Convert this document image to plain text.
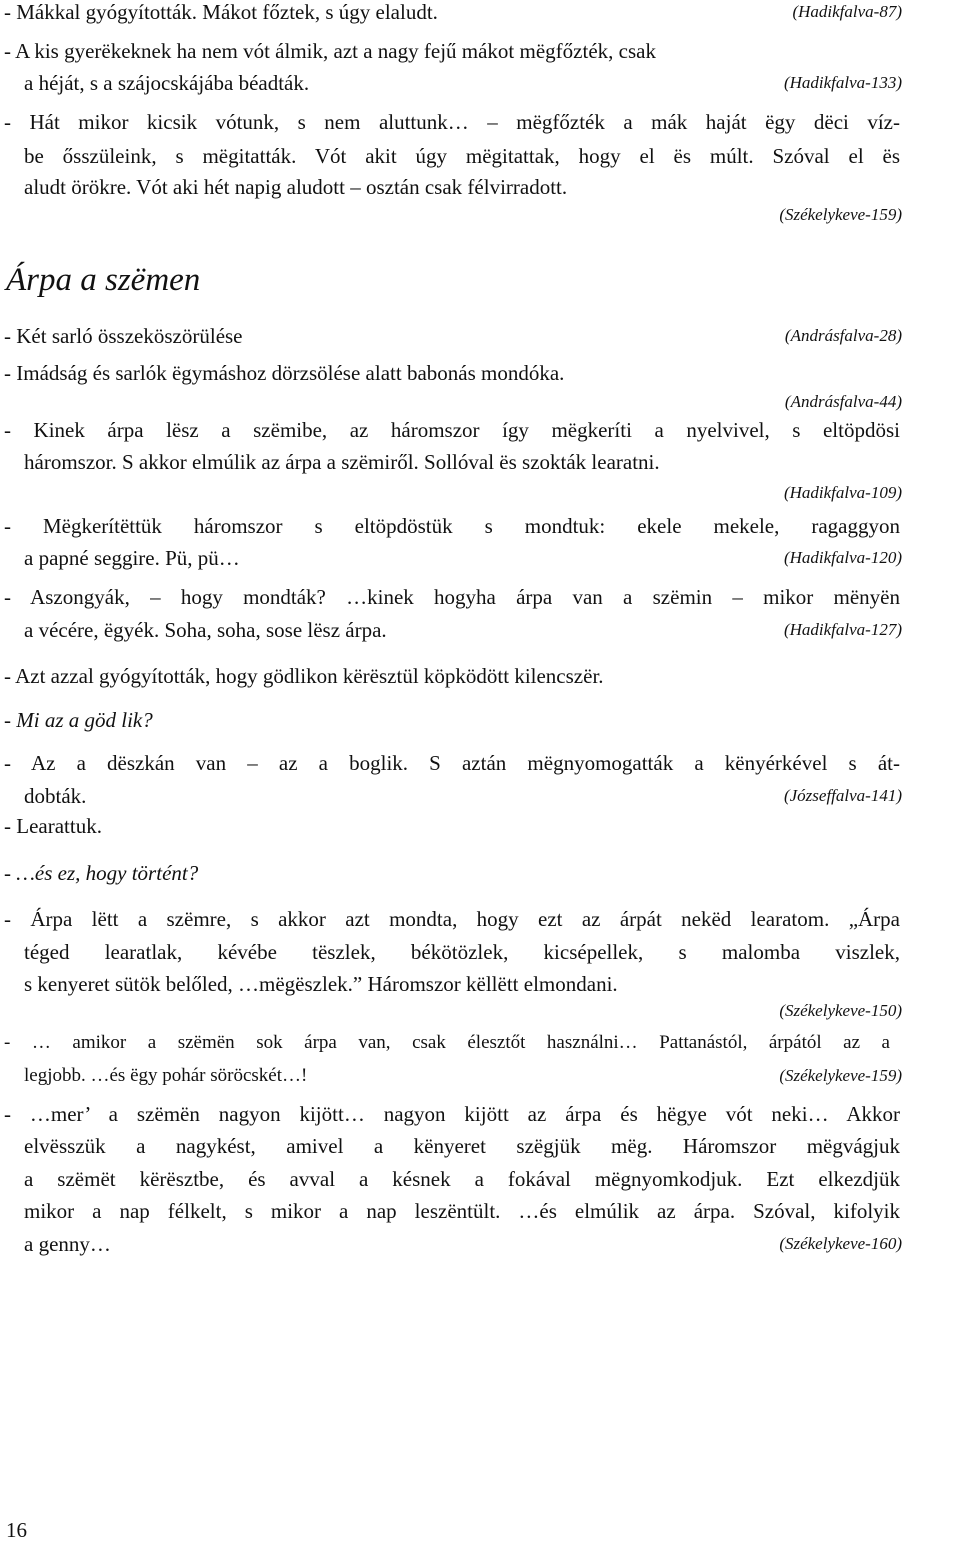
- Mákkal gyógyították. Mákot főztek, s úgy elaludt.	(Hadikfalva-87)
- A kis gyerëkeknek ha nem vót álmik, azt a nagy fejű mákot mëgfőzték, csak
a héját, s a szájocskájába béadták.	(Hadikfalva-133)
- Hát mikor kicsik vótunk, s nem aluttunk… – mëgfőzték a mák haját ëgy dëci víz-
be ősszüleink, s mëgitatták. Vót akit úgy mëgitattak, hogy el ës múlt. Szóval el ës
aludt örökre. Vót aki hét napig aludott – osztán csak félvirradott.
(Székelykeve-159)
Árpa a szëmen
- Két sarló összeköszörülése	(Andrásfalva-28)
- Imádság és sarlók ëgymáshoz dörzsölése alatt babonás mondóka.
(Andrásfalva-44)
- Kinek árpa lësz a szëmibe, az háromszor így mëgkeríti a nyelvivel, s eltöpdösi
háromszor. S akkor elmúlik az árpa a szëmiről. Sollóval ës szokták learatni.
(Hadikfalva-109)
- Mëgkerítëttük háromszor s eltöpdöstük s mondtuk: ekele mekele, ragaggyon
a papné seggire. Pü, pü…	(Hadikfalva-120)
- Aszongyák, – hogy mondták? …kinek hogyha árpa van a szëmin – mikor mënyën
a vécére, ëgyék. Soha, soha, sose lësz árpa.	(Hadikfalva-127)
- Azt azzal gyógyították, hogy gödlikon kërësztül köpködött kilencszër.
- Mi az a göd lik?
- Az a dëszkán van – az a boglik. S aztán mëgnyomogatták a kënyérkével s át-
dobták.	(Józseffalva-141)
- Learattuk.
- …és ez, hogy történt?
- Árpa lëtt a szëmre, s akkor azt mondta, hogy ezt az árpát nekëd learatom. „Árpa
téged learatlak, kévébe tëszlek, békötözlek, kicsépellek, s malomba viszlek,
s kenyeret sütök belőled, …mëgëszlek.” Háromszor këllëtt elmondani.
(Székelykeve-150)
- … amikor a szëmën sok árpa van, csak élesztőt használni… Pattanástól, árpától az a
legjobb. …és ëgy pohár söröcskét…!	(Székelykeve-159)
- …mer’ a szëmën nagyon kijött… nagyon kijött az árpa és hëgye vót neki… Akkor
elvësszük a nagykést, amivel a kënyeret szëgjük mëg. Háromszor mëgvágjuk
a szëmët kërësztbe, és avval a késnek a fokával mëgnyomkodjuk. Ezt elkezdjük
mikor a nap félkelt, s mikor a nap leszëntült. …és elmúlik az árpa. Szóval, kifolyik
a genny…	(Székelykeve-160)
16
